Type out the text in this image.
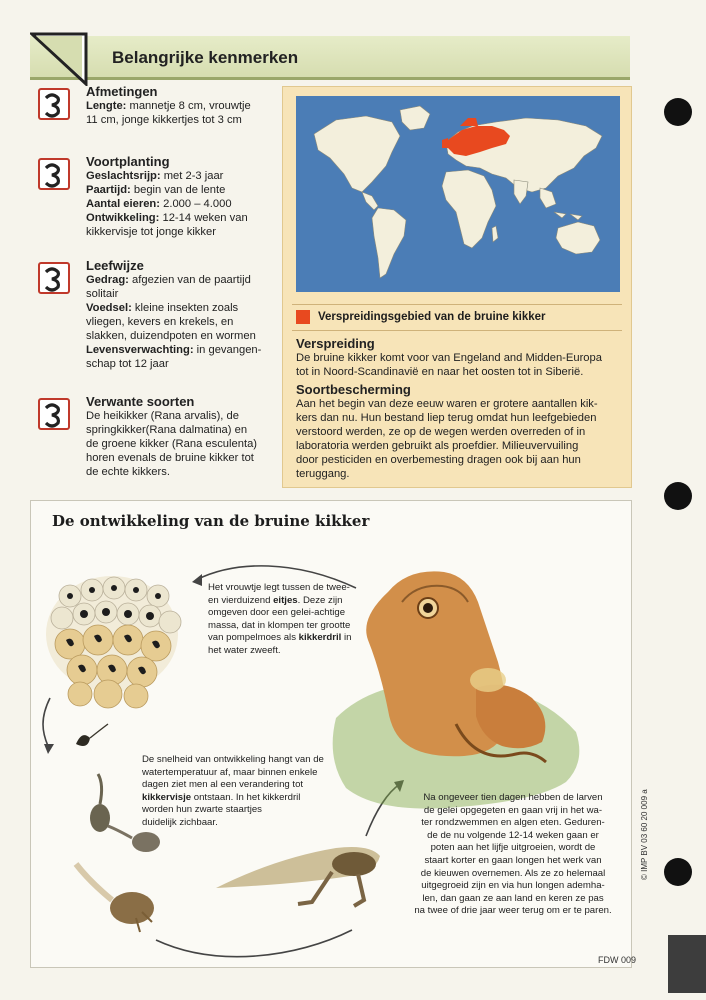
Belangrijke kenmerken
Afmetingen
Lengte: mannetje 8 cm, vrouwtje
11 cm, jonge kikkertjes tot 3 cm
Voortplanting
Geslachtsrijp: met 2-3 jaar
Paartijd: begin van de lente
Aantal eieren: 2.000 – 4.000
Ontwikkeling: 12-14 weken van
kikkervisje tot jonge kikker
Leefwijze
Gedrag: afgezien van de paartijd
solitair
Voedsel: kleine insekten zoals
vliegen, kevers en krekels, en
slakken, duizendpoten en wormen
Levensverwachting: in gevangen-
schap tot 12 jaar
Verwante soorten
De heikikker (Rana arvalis), de
springkikker(Rana dalmatina) en
de groene kikker (Rana esculenta)
horen evenals de bruine kikker tot
de echte kikkers.
Verspreidingsgebied van de bruine kikker
Verspreiding
De bruine kikker komt voor van Engeland and Midden-Europa
tot in Noord-Scandinavië en naar het oosten tot in Siberië.
Soortbescherming
Aan het begin van deze eeuw waren er grotere aantallen kik-
kers dan nu. Hun bestand liep terug omdat hun leefgebieden
verstoord werden, ze op de wegen werden overreden of in
laboratoria werden gebruikt als proefdier. Milieuvervuiling
door pesticiden en overbemesting dragen ook bij aan hun
teruggang.
De ontwikkeling van de bruine kikker
Het vrouwtje legt tussen de twee-
en vierduizend eitjes. Deze zijn
omgeven door een gelei-achtige
massa, dat in klompen ter grootte
van pompelmoes als kikkerdril in
het water zweeft.
De snelheid van ontwikkeling hangt van de
watertemperatuur af, maar binnen enkele
dagen ziet men al een verandering tot
kikkervisje ontstaan. In het kikkerdril
worden hun zwarte staartjes
duidelijk zichbaar.
Na ongeveer tien dagen hebben de larven
de gelei opgegeten en gaan vrij in het wa-
ter rondzwemmen en algen eten. Geduren-
de de nu volgende 12-14 weken gaan er
poten aan het lijfje uitgroeien, wordt de
staart korter en gaan longen het werk van
de kieuwen overnemen. Als ze zo helemaal
uitgegroeid zijn en via hun longen ademha-
len, dan gaan ze aan land en keren ze pas
na twee of drie jaar weer terug om er te paren.
FDW 009
© IMP BV 03 60 20 009 a
